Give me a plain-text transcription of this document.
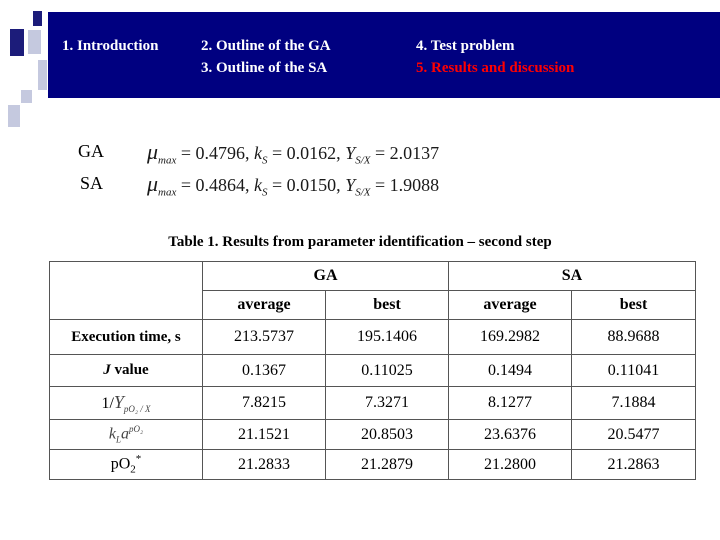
1. Introduction	2. Outline of the GA
3. Outline of the SA
4. Test problem
5. Results and discussion
GA $\mu_{max} = 0.4796$, $k_S = 0.0162$, $Y_{S/X} = 2.0137$
SA $\mu_{max} = 0.4864$, $k_S = 0.0150$, $Y_{S/X} = 1.9088$
Table 1. Results from parameter identification – second step
	GA		SA	
	average	best	average	best
Execution time, s	213.5737	195.1406	169.2982	88.9688
J value	0.1367	0.11025	0.1494	0.11041
$1/Y_{pO_2 / X}$	7.8215	7.3271	8.1277	7.1884
$k_La^{pO_2}$	21.1521	20.8503	23.6376	20.5477
$pO_2^*$	21.2833	21.2879	21.2800	21.2863
